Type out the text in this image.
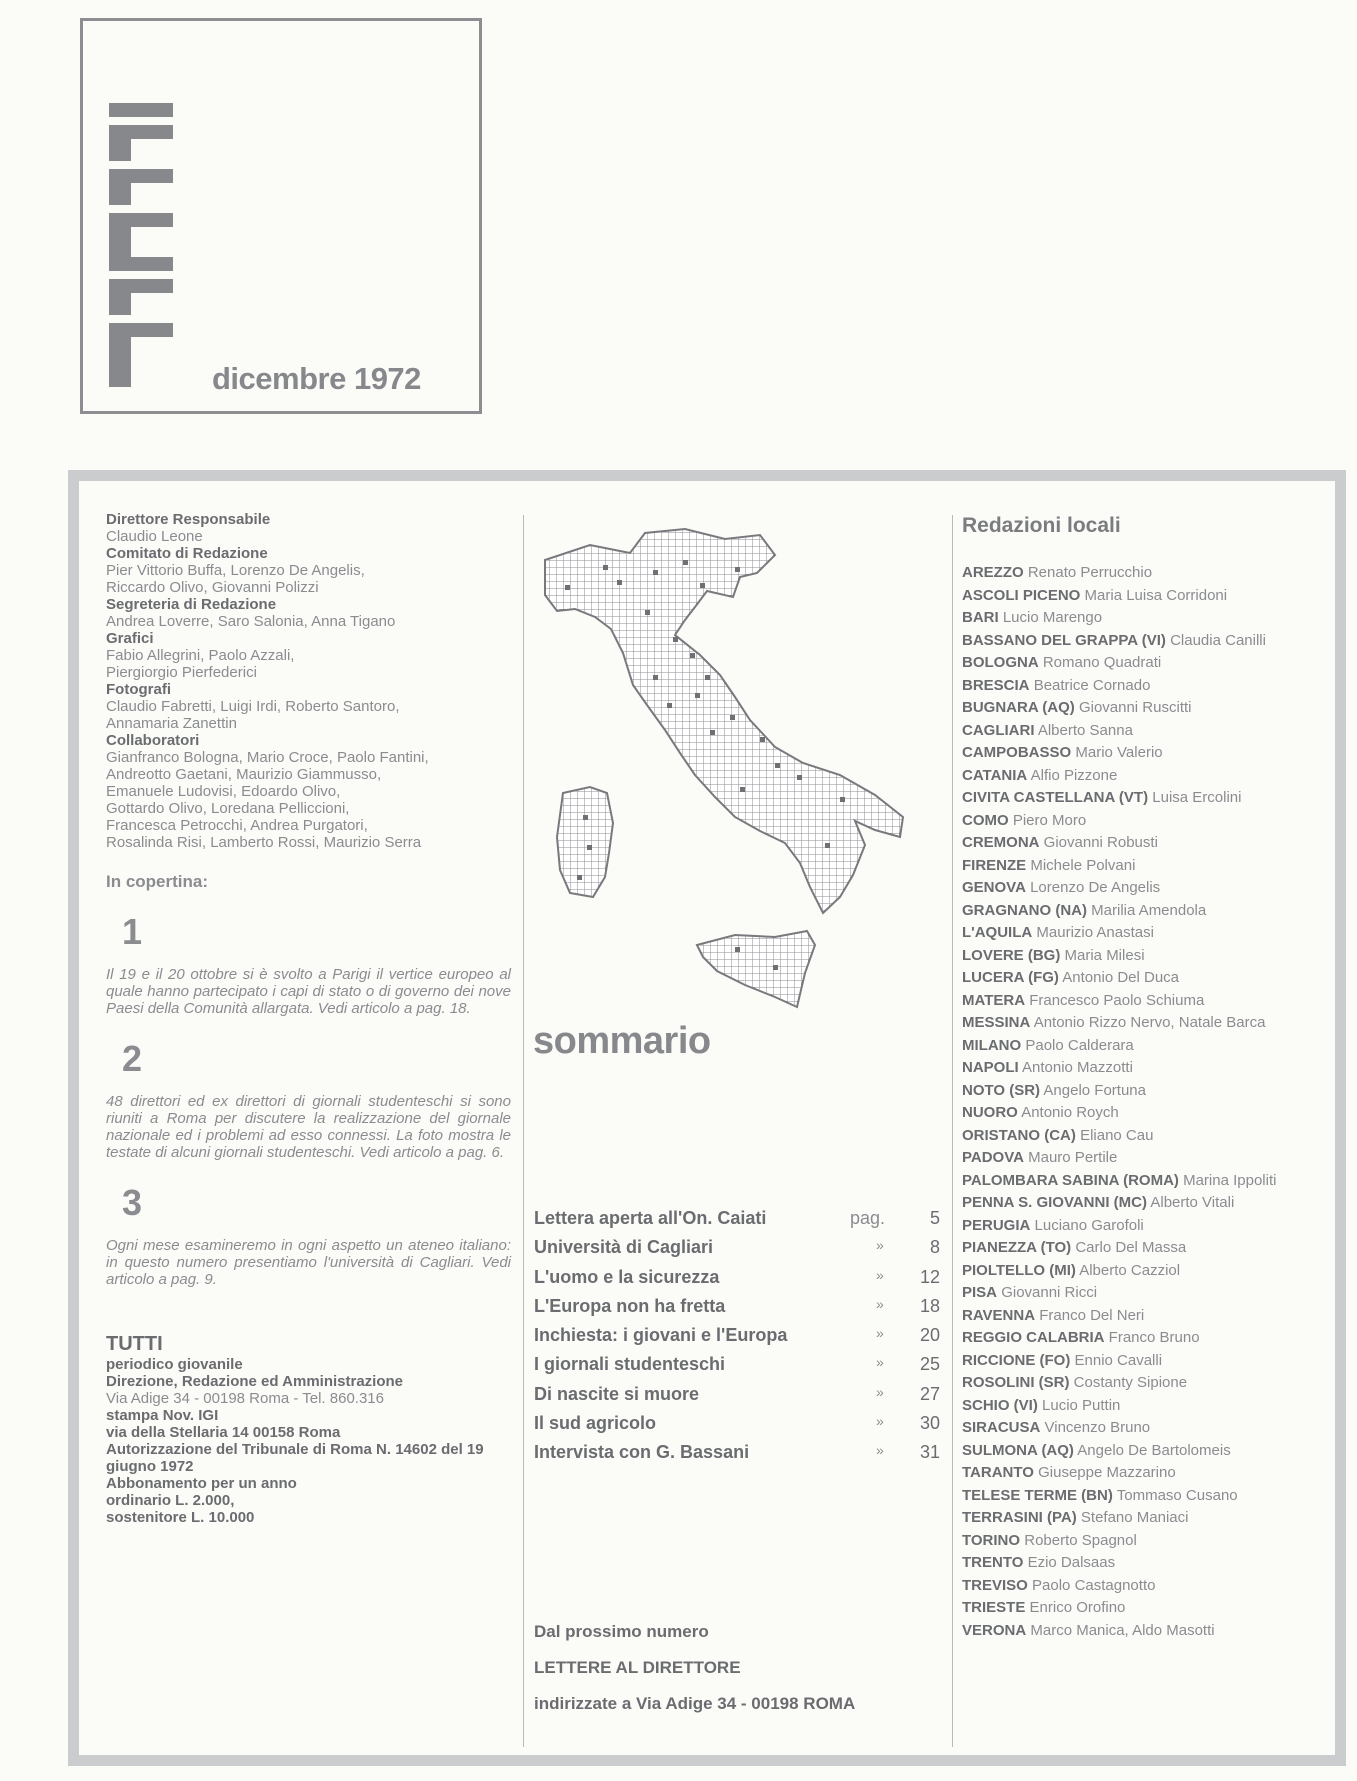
dicembre 1972
Direttore Responsabile
Claudio Leone
Comitato di Redazione
Pier Vittorio Buffa, Lorenzo De Angelis,
Riccardo Olivo, Giovanni Polizzi
Segreteria di Redazione
Andrea Loverre, Saro Salonia, Anna Tigano
Grafici
Fabio Allegrini, Paolo Azzali,
Piergiorgio Pierfederici
Fotografi
Claudio Fabretti, Luigi Irdi, Roberto Santoro,
Annamaria Zanettin
Collaboratori
Gianfranco Bologna, Mario Croce, Paolo Fantini,
Andreotto Gaetani, Maurizio Giammusso,
Emanuele Ludovisi, Edoardo Olivo,
Gottardo Olivo, Loredana Pelliccioni,
Francesca Petrocchi, Andrea Purgatori,
Rosalinda Risi, Lamberto Rossi, Maurizio Serra
In copertina:
1
Il 19 e il 20 ottobre si è svolto a Parigi il vertice europeo al quale hanno partecipato i capi di stato o di governo dei nove Paesi della Comunità allargata. Vedi articolo a pag. 18.
2
48 direttori ed ex direttori di giornali studenteschi si sono riuniti a Roma per discutere la realizzazione del giornale nazionale ed i problemi ad esso connessi. La foto mostra le testate di alcuni giornali studenteschi. Vedi articolo a pag. 6.
3
Ogni mese esamineremo in ogni aspetto un ateneo italiano: in questo numero presentiamo l'università di Cagliari. Vedi articolo a pag. 9.
TUTTI
periodico giovanile
Direzione, Redazione ed Amministrazione
Via Adige 34 - 00198 Roma - Tel. 860.316
stampa Nov. IGI
via della Stellaria 14 00158 Roma
Autorizzazione del Tribunale di Roma N. 14602 del 19 giugno 1972
Abbonamento per un anno
ordinario L. 2.000,
sostenitore L. 10.000
sommario
Lettera aperta all'On. Caiati	pag. 5
Università di Cagliari	»	8
L'uomo e la sicurezza	» 12
L'Europa non ha fretta	» 18
Inchiesta: i giovani e l'Europa	» 20
I giornali studenteschi	» 25
Di nascite si muore	» 27
Il sud agricolo	» 30
Intervista con G. Bassani	» 31
Dal prossimo numero
LETTERE AL DIRETTORE
indirizzate a Via Adige 34 - 00198 ROMA
Redazioni locali
AREZZO Renato Perrucchio
ASCOLI PICENO Maria Luisa Corridoni
BARI Lucio Marengo
BASSANO DEL GRAPPA (VI) Claudia Canilli
BOLOGNA Romano Quadrati
BRESCIA Beatrice Cornado
BUGNARA (AQ) Giovanni Ruscitti
CAGLIARI Alberto Sanna
CAMPOBASSO Mario Valerio
CATANIA Alfio Pizzone
CIVITA CASTELLANA (VT) Luisa Ercolini
COMO Piero Moro
CREMONA Giovanni Robusti
FIRENZE Michele Polvani
GENOVA Lorenzo De Angelis
GRAGNANO (NA) Marilia Amendola
L'AQUILA Maurizio Anastasi
LOVERE (BG) Maria Milesi
LUCERA (FG) Antonio Del Duca
MATERA Francesco Paolo Schiuma
MESSINA Antonio Rizzo Nervo, Natale Barca
MILANO Paolo Calderara
NAPOLI Antonio Mazzotti
NOTO (SR) Angelo Fortuna
NUORO Antonio Roych
ORISTANO (CA) Eliano Cau
PADOVA Mauro Pertile
PALOMBARA SABINA (ROMA) Marina Ippoliti
PENNA S. GIOVANNI (MC) Alberto Vitali
PERUGIA Luciano Garofoli
PIANEZZA (TO) Carlo Del Massa
PIOLTELLO (MI) Alberto Cazziol
PISA Giovanni Ricci
RAVENNA Franco Del Neri
REGGIO CALABRIA Franco Bruno
RICCIONE (FO) Ennio Cavalli
ROSOLINI (SR) Costanty Sipione
SCHIO (VI) Lucio Puttin
SIRACUSA Vincenzo Bruno
SULMONA (AQ) Angelo De Bartolomeis
TARANTO Giuseppe Mazzarino
TELESE TERME (BN) Tommaso Cusano
TERRASINI (PA) Stefano Maniaci
TORINO Roberto Spagnol
TRENTO Ezio Dalsaas
TREVISO Paolo Castagnotto
TRIESTE Enrico Orofino
VERONA Marco Manica, Aldo Masotti
